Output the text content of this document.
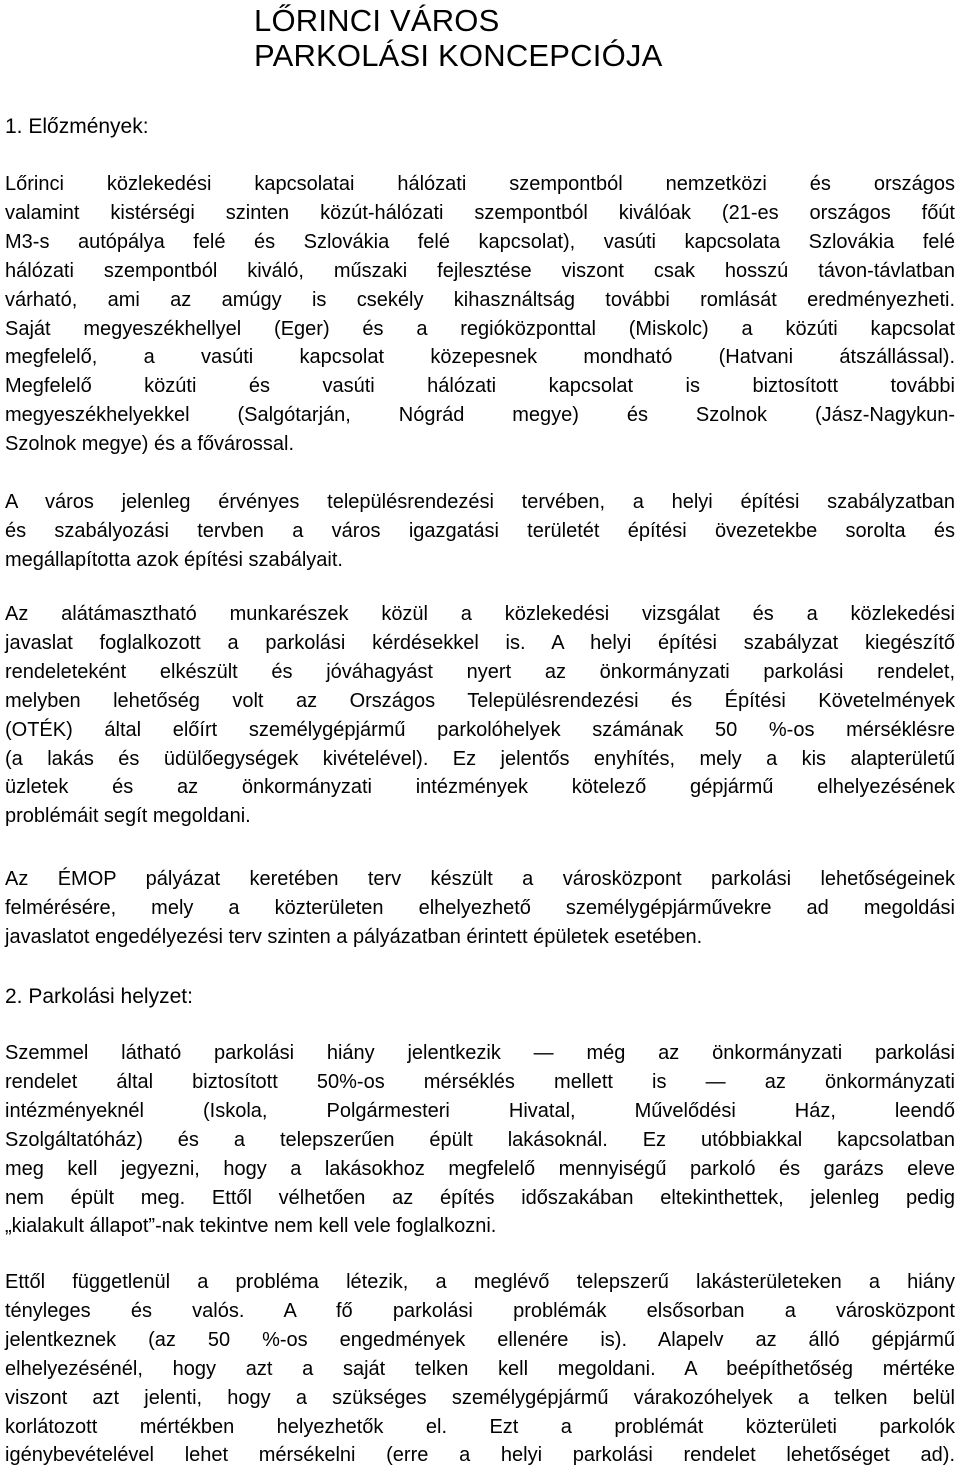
LŐRINCI VÁROS
PARKOLÁSI KONCEPCIÓJA
1. Előzmények:
Lőrinci közlekedési kapcsolatai hálózati szempontból nemzetközi és országos
valamint kistérségi szinten közút-hálózati szempontból kiválóak (21-es országos főút
M3-s autópálya felé és Szlovákia felé kapcsolat), vasúti kapcsolata Szlovákia felé
hálózati szempontból kiváló, műszaki fejlesztése viszont csak hosszú távon-távlatban
várható, ami az amúgy is csekély kihasználtság további romlását eredményezheti.
Saját megyeszékhellyel (Eger) és a regióközponttal (Miskolc) a közúti kapcsolat
megfelelő, a vasúti kapcsolat közepesnek mondható (Hatvani átszállással).
Megfelelő közúti és vasúti hálózati kapcsolat is biztosított további
megyeszékhelyekkel (Salgótarján, Nógrád megye) és Szolnok (Jász-Nagykun-
Szolnok megye) és a fővárossal.
A város jelenleg érvényes településrendezési tervében, a helyi építési szabályzatban
és szabályozási tervben a város igazgatási területét építési övezetekbe sorolta és
megállapította azok építési szabályait.
Az alátámasztható munkarészek közül a közlekedési vizsgálat és a közlekedési
javaslat foglalkozott a parkolási kérdésekkel is. A helyi építési szabályzat kiegészítő
rendeleteként elkészült és jóváhagyást nyert az önkormányzati parkolási rendelet,
melyben lehetőség volt az Országos Településrendezési és Építési Követelmények
(OTÉK) által előírt személygépjármű parkolóhelyek számának 50 %-os mérséklésre
(a lakás és üdülőegységek kivételével). Ez jelentős enyhítés, mely a kis alapterületű
üzletek és az önkormányzati intézmények kötelező gépjármű elhelyezésének
problémáit segít megoldani.
Az ÉMOP pályázat keretében terv készült a városközpont parkolási lehetőségeinek
felmérésére, mely a közterületen elhelyezhető személygépjárművekre ad megoldási
javaslatot engedélyezési terv szinten a pályázatban érintett épületek esetében.
2. Parkolási helyzet:
Szemmel látható parkolási hiány jelentkezik — még az önkormányzati parkolási
rendelet által biztosított 50%-os mérséklés mellett is — az önkormányzati
intézményeknél (Iskola, Polgármesteri Hivatal, Művelődési Ház, leendő
Szolgáltatóház) és a telepszerűen épült lakásoknál. Ez utóbbiakkal kapcsolatban
meg kell jegyezni, hogy a lakásokhoz megfelelő mennyiségű parkoló és garázs eleve
nem épült meg. Ettől vélhetően az építés időszakában eltekinthettek, jelenleg pedig
„kialakult állapot”-nak tekintve nem kell vele foglalkozni.
Ettől függetlenül a probléma létezik, a meglévő telepszerű lakásterületeken a hiány
tényleges és valós. A fő parkolási problémák elsősorban a városközpont
jelentkeznek (az 50 %-os engedmények ellenére is). Alapelv az álló gépjármű
elhelyezésénél, hogy azt a saját telken kell megoldani. A beépíthetőség mértéke
viszont azt jelenti, hogy a szükséges személygépjármű várakozóhelyek a telken belül
korlátozott mértékben helyezhetők el. Ezt a problémát közterületi parkolók
igénybevételével lehet mérsékelni (erre a helyi parkolási rendelet lehetőséget ad).
